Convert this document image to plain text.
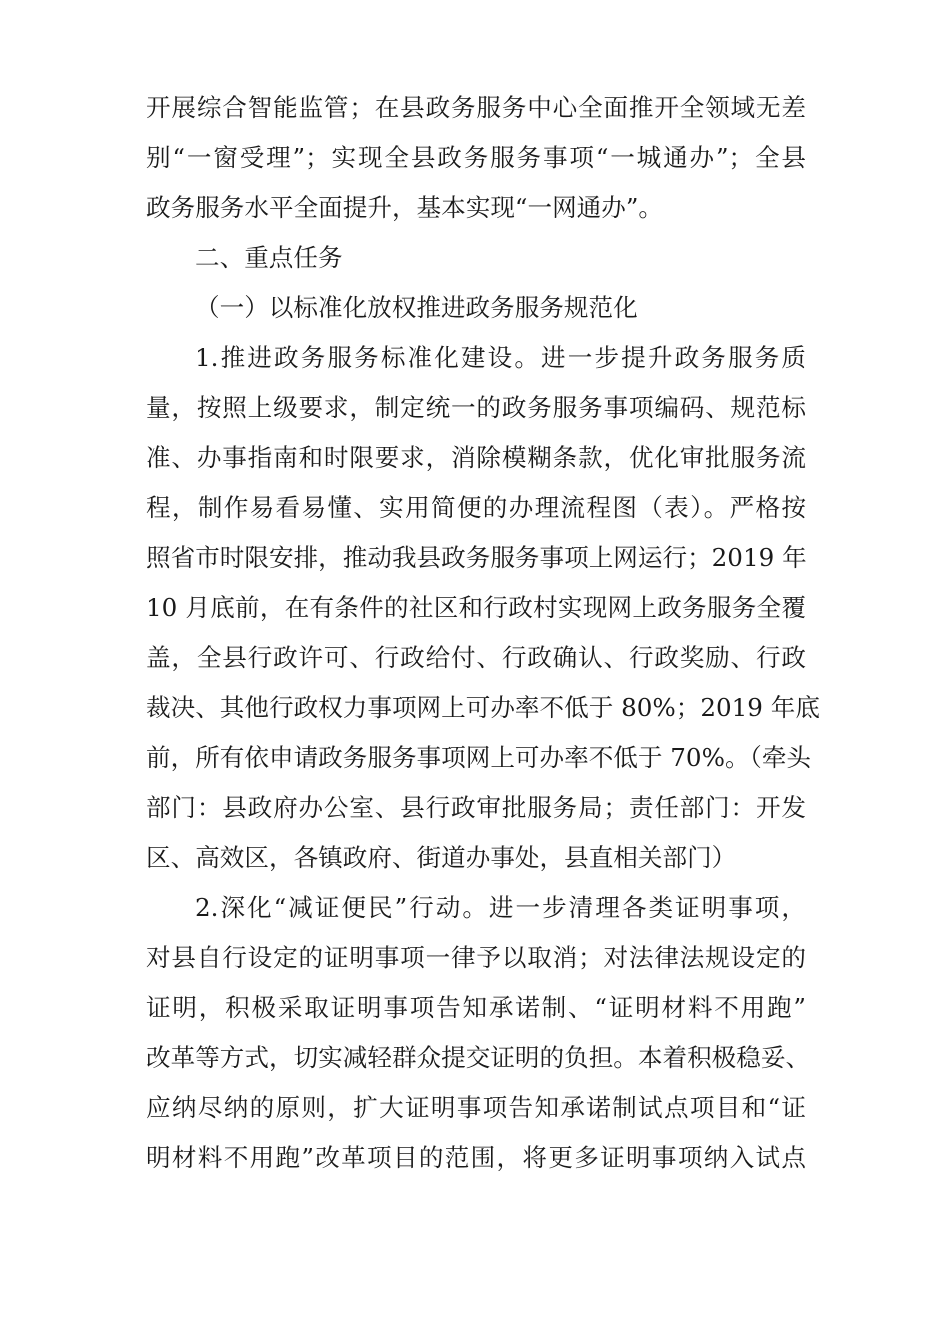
开展综合智能监管；在县政务服务中心全面推开全领域无差
别“一窗受理”；实现全县政务服务事项“一城通办”；全县
政务服务水平全面提升，基本实现“一网通办”。
二、重点任务
（一）以标准化放权推进政务服务规范化
1.推进政务服务标准化建设。进一步提升政务服务质
量，按照上级要求，制定统一的政务服务事项编码、规范标
准、办事指南和时限要求，消除模糊条款，优化审批服务流
程，制作易看易懂、实用简便的办理流程图（表）。严格按
照省市时限安排，推动我县政务服务事项上网运行；2019 年
10 月底前，在有条件的社区和行政村实现网上政务服务全覆
盖，全县行政许可、行政给付、行政确认、行政奖励、行政
裁决、其他行政权力事项网上可办率不低于 80%；2019 年底
前，所有依申请政务服务事项网上可办率不低于 70%。（牵头
部门：县政府办公室、县行政审批服务局；责任部门：开发
区、高效区，各镇政府、街道办事处，县直相关部门）
2.深化“减证便民”行动。进一步清理各类证明事项，
对县自行设定的证明事项一律予以取消；对法律法规设定的
证明，积极采取证明事项告知承诺制、“证明材料不用跑”
改革等方式，切实减轻群众提交证明的负担。本着积极稳妥、
应纳尽纳的原则，扩大证明事项告知承诺制试点项目和“证
明材料不用跑”改革项目的范围，将更多证明事项纳入试点
